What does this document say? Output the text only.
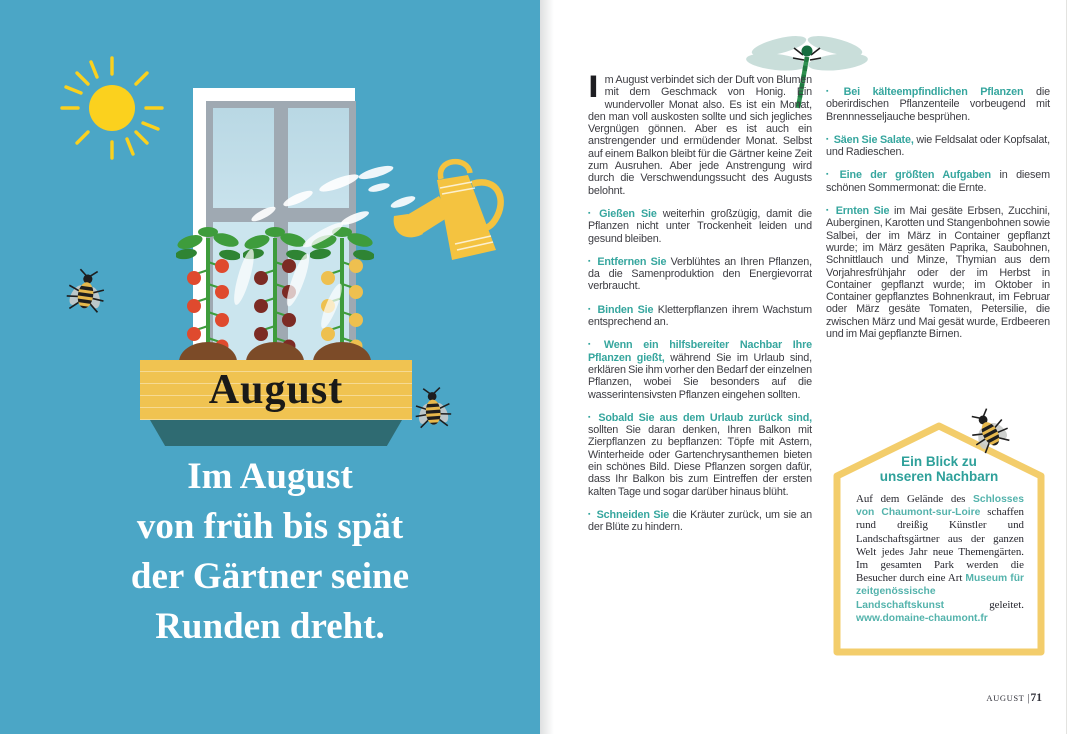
August
Im August
von früh bis spät
der Gärtner seine
Runden dreht.

Im August verbindet sich der Duft von Blumen mit dem Geschmack von Honig. Ein wundervoller Monat also. Es ist ein Monat, den man voll auskosten sollte und sich jegliches Vergnügen gönnen. Aber es ist auch ein anstrengender und ermüdender Monat. Selbst auf einem Balkon bleibt für die Gärtner keine Zeit zum Ausruhen. Aber jede Anstrengung wird durch die Verschwendungssucht des Augusts belohnt.

▪ Gießen Sie weiterhin großzügig, damit die Pflanzen nicht unter Trockenheit leiden und gesund bleiben.

▪ Entfernen Sie Verblühtes an Ihren Pflanzen, da die Samenproduktion den Energievorrat verbraucht.

▪ Binden Sie Kletterpflanzen ihrem Wachstum entsprechend an.

▪ Wenn ein hilfsbereiter Nachbar Ihre Pflanzen gießt, während Sie im Urlaub sind, erklären Sie ihm vorher den Bedarf der einzelnen Pflanzen, wobei Sie besonders auf die wasserintensivsten Pflanzen eingehen sollten.

▪ Sobald Sie aus dem Urlaub zurück sind, sollten Sie daran denken, Ihren Balkon mit Zierpflanzen zu bepflanzen: Töpfe mit Astern, Winterheide oder Gartenchrysanthemen bieten ein schönes Bild. Diese Pflanzen sorgen dafür, dass Ihr Balkon bis zum Eintreffen der ersten kalten Tage und sogar darüber hinaus blüht.

▪ Schneiden Sie die Kräuter zurück, um sie an der Blüte zu hindern.

▪ Bei kälteempfindlichen Pflanzen die oberirdischen Pflanzenteile vorbeugend mit Brennnesseljauche besprühen.

▪ Säen Sie Salate, wie Feldsalat oder Kopfsalat, und Radieschen.

▪ Eine der größten Aufgaben in diesem schönen Sommermonat: die Ernte.

▪ Ernten Sie im Mai gesäte Erbsen, Zucchini, Auberginen, Karotten und Stangenbohnen sowie Salbei, der im März in Container gepflanzt wurde; im März gesäten Paprika, Saubohnen, Schnittlauch und Minze, Thymian aus dem Vorjahresfrühjahr oder der im Herbst in Container gepflanzt wurde; im Oktober in Container gepflanztes Bohnenkraut, im Februar oder März gesäte Tomaten, Petersilie, die zwischen März und Mai gesät wurde, Erdbeeren und im Mai gepflanzte Birnen.

Ein Blick zu
unseren Nachbarn
Auf dem Gelände des Schlosses von Chaumont-sur-Loire schaffen rund dreißig Künstler und Landschaftsgärtner aus der ganzen Welt jedes Jahr neue Themengärten. Im gesamten Park werden die Besucher durch eine Art Museum für zeitgenössische Landschaftskunst geleitet. www.domaine-chaumont.fr
AUGUST |71
